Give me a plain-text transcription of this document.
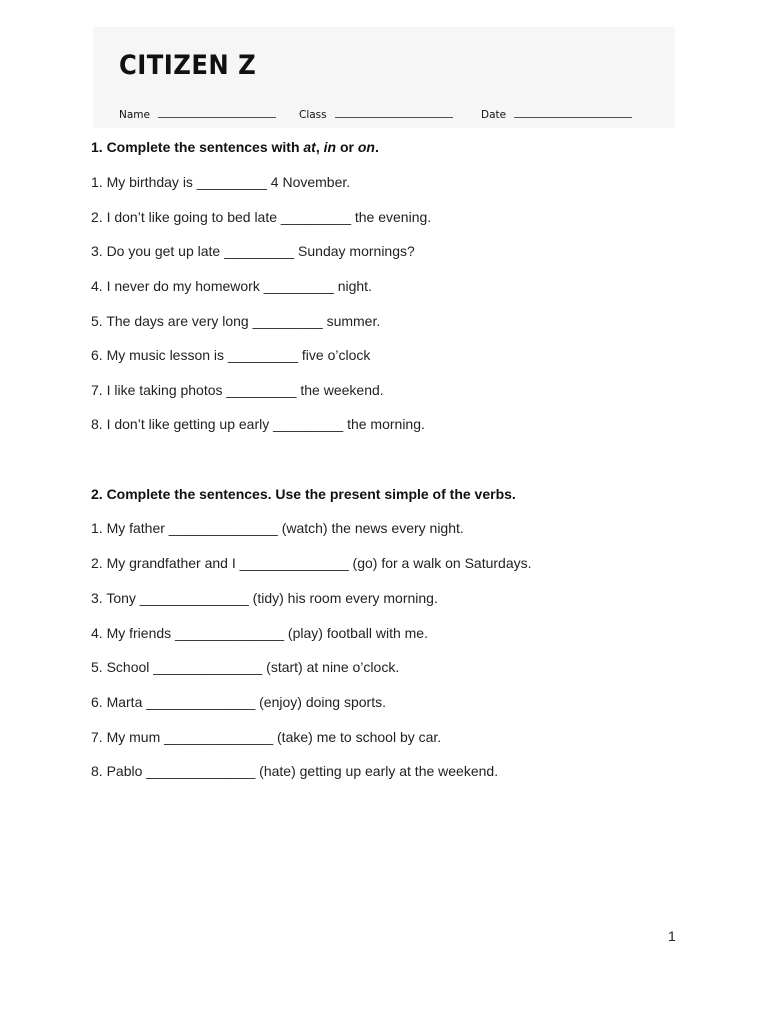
CITIZEN Z
Name	Class	Date
1. Complete the sentences with at, in or on.
1. My birthday is _________ 4 November.
2. I don’t like going to bed late _________ the evening.
3. Do you get up late _________ Sunday mornings?
4. I never do my homework _________ night.
5. The days are very long _________ summer.
6. My music lesson is _________ five o’clock
7. I like taking photos _________ the weekend.
8. I don’t like getting up early _________ the morning.
2. Complete the sentences. Use the present simple of the verbs.
1. My father ______________ (watch) the news every night.
2. My grandfather and I ______________ (go) for a walk on Saturdays.
3. Tony ______________ (tidy) his room every morning.
4. My friends ______________ (play) football with me.
5. School ______________ (start) at nine o’clock.
6. Marta ______________ (enjoy) doing sports.
7. My mum ______________ (take) me to school by car.
8. Pablo ______________ (hate) getting up early at the weekend.
1
